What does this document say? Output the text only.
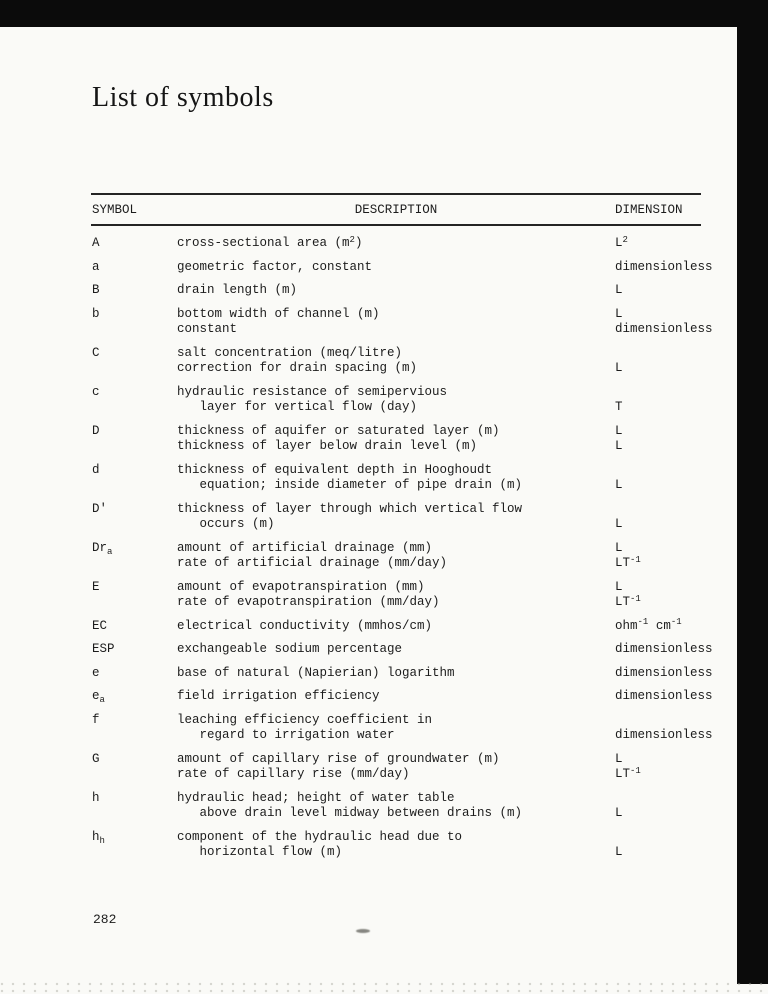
List of symbols
SYMBOL	DESCRIPTION	DIMENSION
A	cross-sectional area $(m^2)$	$L^2$
a	geometric factor, constant	dimensionless
B	drain length (m)	L
b	bottom width of channel (m)	L
constant	dimensionless
C	salt concentration (meq/litre)
correction for drain spacing (m)	L
c	hydraulic resistance of semipervious
layer for vertical flow (day)	T
D	thickness of aquifer or saturated layer (m)	L
thickness of layer below drain level (m)	L
d	thickness of equivalent depth in Hooghoudt
equation; inside diameter of pipe drain (m)	L
D'	thickness of layer through which vertical flow
occurs (m)	L
$Dr_a$	amount of artificial drainage (mm)	L
rate of artificial drainage (mm/day)	$LT^{-1}$
E	amount of evapotranspiration (mm)	L
rate of evapotranspiration (mm/day)	$LT^{-1}$
EC	electrical conductivity (mmhos/cm)	ohm$^{-1}$ $cm^{-1}$
ESP	exchangeable sodium percentage	dimensionless
e	base of natural (Napierian) logarithm	dimensionless
$e_a$	field irrigation efficiency	dimensionless
f	leaching efficiency coefficient in
regard to irrigation water	dimensionless
G	amount of capillary rise of groundwater (m)	L
rate of capillary rise (mm/day)	$LT^{-1}$
h	hydraulic head; height of water table
above drain level midway between drains (m)	L
$h_h$	component of the hydraulic head due to
horizontal flow (m)	L
282
